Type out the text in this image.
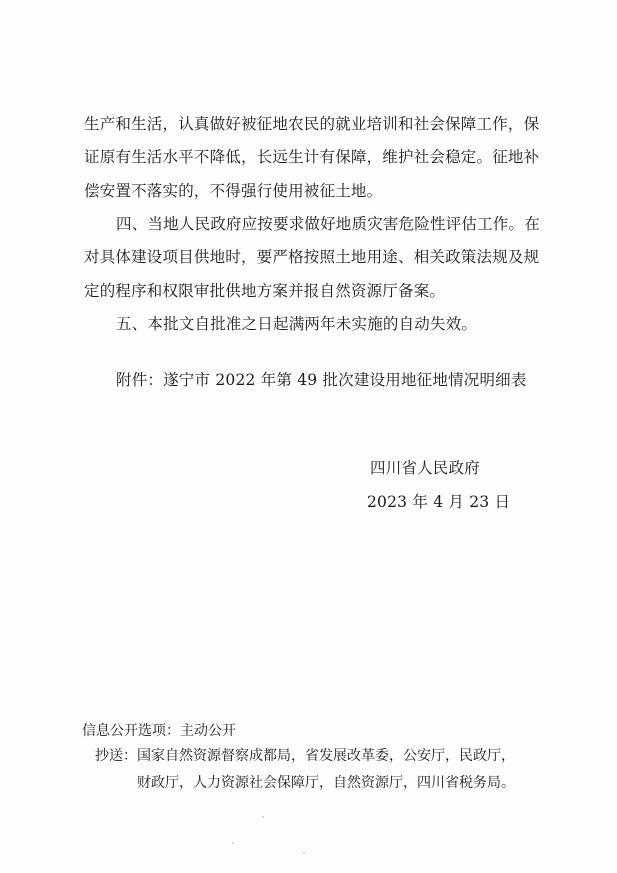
生产和生活，认真做好被征地农民的就业培训和社会保障工作，保
证原有生活水平不降低，长远生计有保障，维护社会稳定。征地补
偿安置不落实的，不得强行使用被征土地。
四、当地人民政府应按要求做好地质灾害危险性评估工作。在
对具体建设项目供地时，要严格按照土地用途、相关政策法规及规
定的程序和权限审批供地方案并报自然资源厅备案。
五、本批文自批准之日起满两年未实施的自动失效。
附件：遂宁市 2022 年第 49 批次建设用地征地情况明细表
四川省人民政府
2023 年 4 月 23 日
信息公开选项：主动公开
抄送：国家自然资源督察成都局，省发展改革委，公安厅，民政厅，
财政厅，人力资源社会保障厅，自然资源厅，四川省税务局。
